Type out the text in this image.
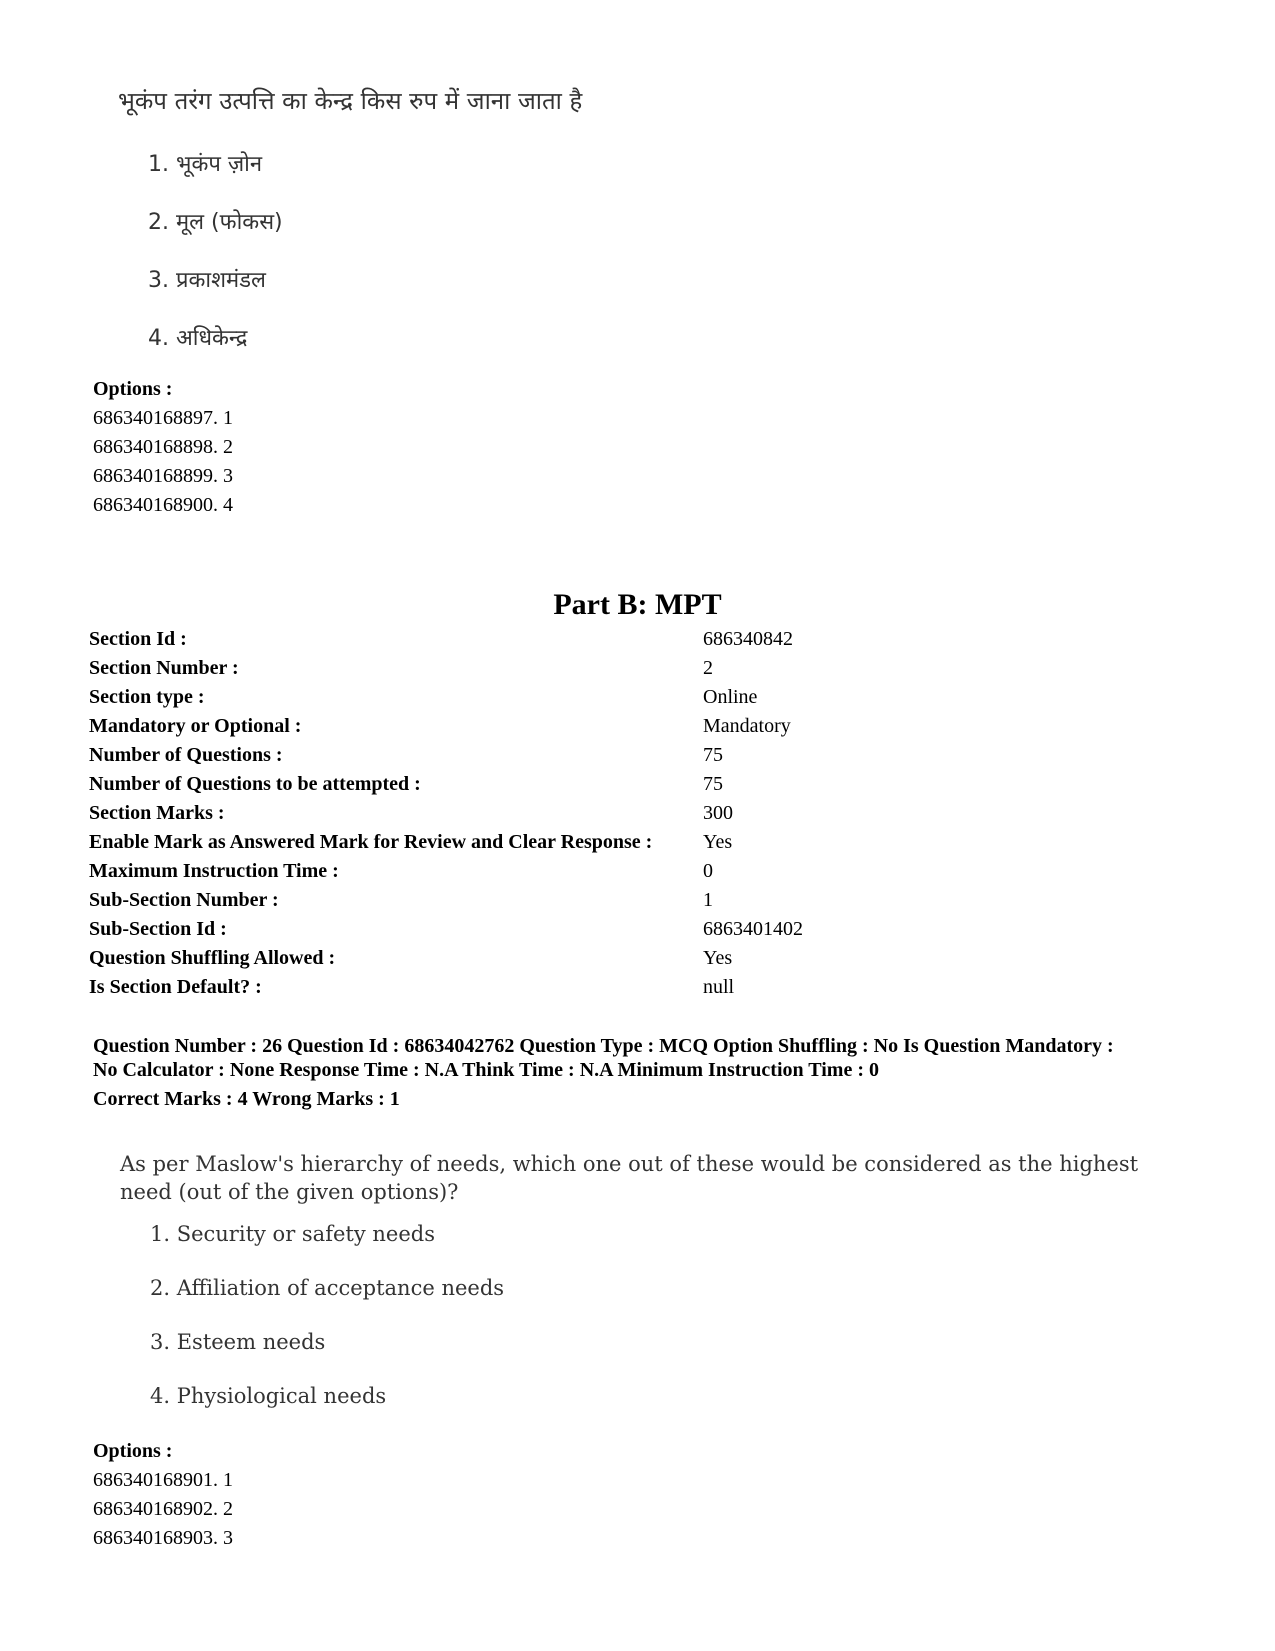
भूकंप तरंग उत्पत्ति का केन्द्र किस रुप में जाना जाता है
1. भूकंप ज़ोन
2. मूल (फोकस)
3. प्रकाशमंडल
4. अधिकेन्द्र
Options :
686340168897. 1
686340168898. 2
686340168899. 3
686340168900. 4
Part B: MPT
Section Id :	686340842
Section Number :	2
Section type :	Online
Mandatory or Optional :	Mandatory
Number of Questions :	75
Number of Questions to be attempted :	75
Section Marks :	300
Enable Mark as Answered Mark for Review and Clear Response :	Yes
Maximum Instruction Time :	0
Sub-Section Number :	1
Sub-Section Id :	6863401402
Question Shuffling Allowed :	Yes
Is Section Default? :	null
Question Number : 26 Question Id : 68634042762 Question Type : MCQ Option Shuffling : No Is Question Mandatory :
No Calculator : None Response Time : N.A Think Time : N.A Minimum Instruction Time : 0
Correct Marks : 4 Wrong Marks : 1
As per Maslow's hierarchy of needs, which one out of these would be considered as the highest need (out of the given options)?
1. Security or safety needs
2. Affiliation of acceptance needs
3. Esteem needs
4. Physiological needs
Options :
686340168901. 1
686340168902. 2
686340168903. 3
